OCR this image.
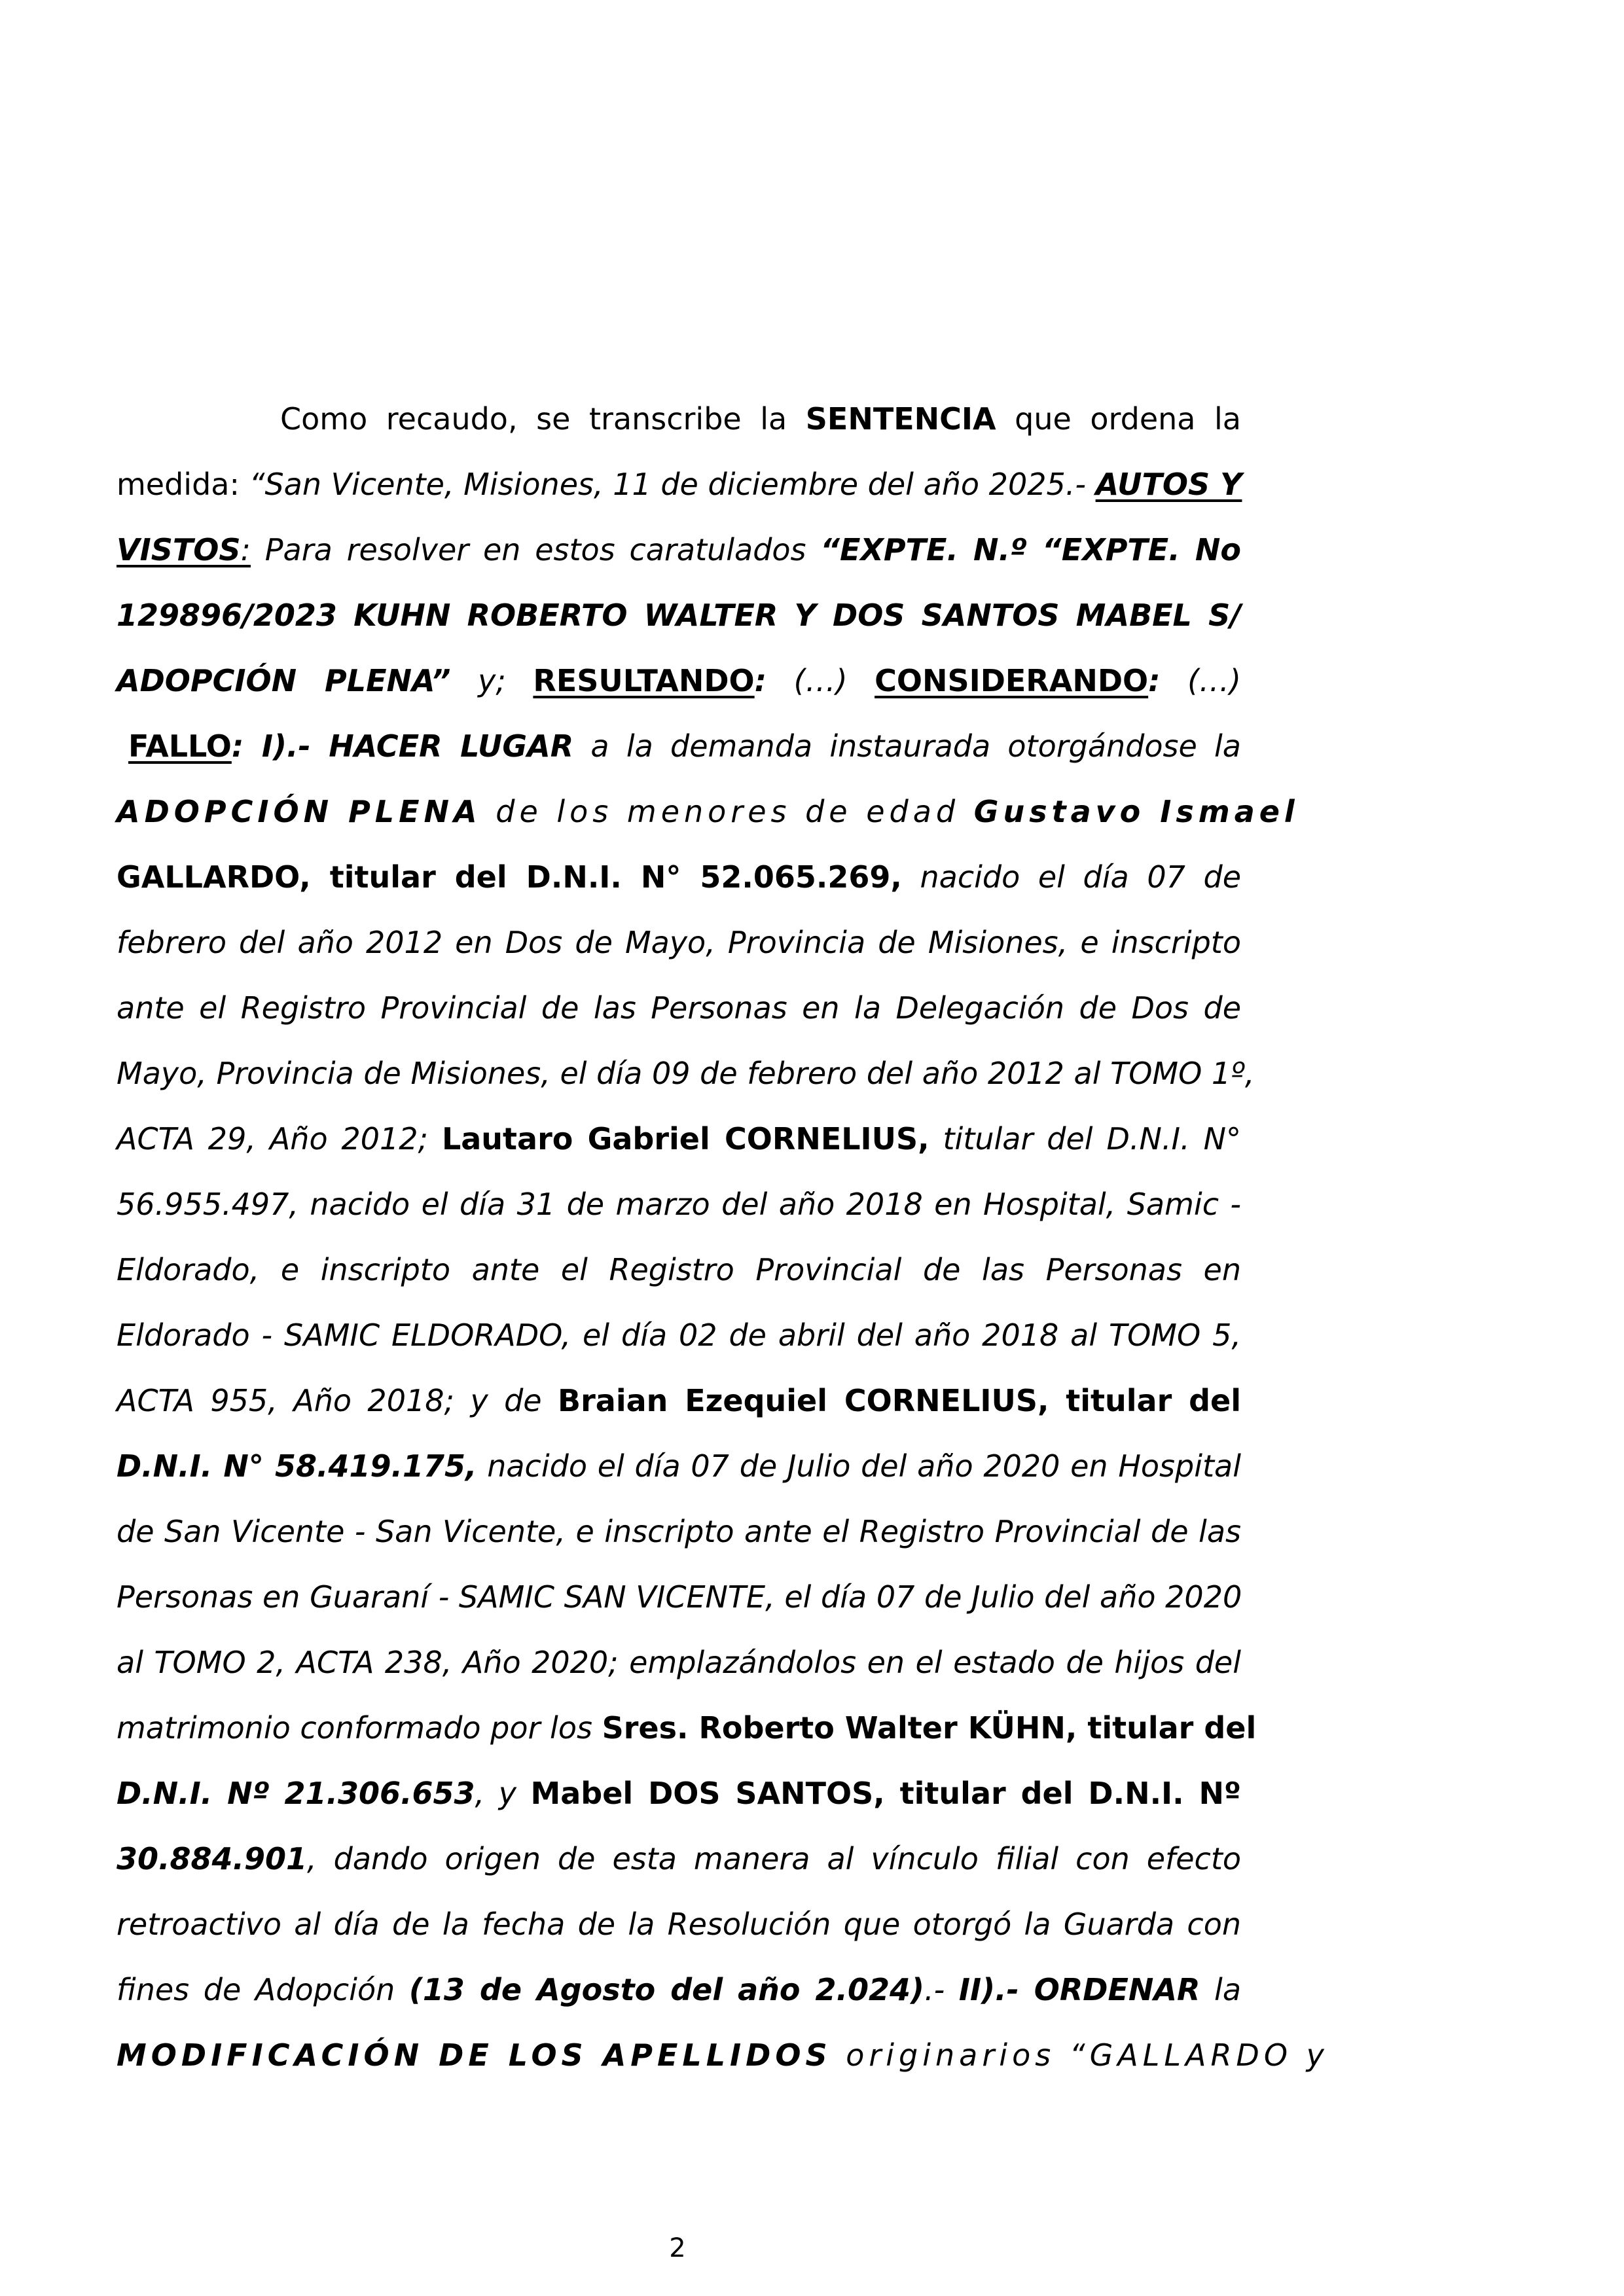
Como recaudo, se transcribe la SENTENCIA que ordena la
medida: “San Vicente, Misiones, 11 de diciembre del año 2025.- AUTOS Y
VISTOS: Para resolver en estos caratulados “EXPTE. N.º “EXPTE. No
129896/2023 KUHN ROBERTO WALTER Y DOS SANTOS MABEL S/
ADOPCIÓN PLENA” y; RESULTANDO: (…) CONSIDERANDO: (…)
FALLO: I).- HACER LUGAR a la demanda instaurada otorgándose la
ADOPCIÓN PLENA de los menores de edad Gustavo Ismael
GALLARDO, titular del D.N.I. N° 52.065.269, nacido el día 07 de
febrero del año 2012 en Dos de Mayo, Provincia de Misiones, e inscripto
ante el Registro Provincial de las Personas en la Delegación de Dos de
Mayo, Provincia de Misiones, el día 09 de febrero del año 2012 al TOMO 1º,
ACTA 29, Año 2012; Lautaro Gabriel CORNELIUS, titular del D.N.I. N°
56.955.497, nacido el día 31 de marzo del año 2018 en Hospital, Samic -
Eldorado, e inscripto ante el Registro Provincial de las Personas en
Eldorado - SAMIC ELDORADO, el día 02 de abril del año 2018 al TOMO 5,
ACTA 955, Año 2018; y de Braian Ezequiel CORNELIUS, titular del
D.N.I. N° 58.419.175, nacido el día 07 de Julio del año 2020 en Hospital
de San Vicente - San Vicente, e inscripto ante el Registro Provincial de las
Personas en Guaraní - SAMIC SAN VICENTE, el día 07 de Julio del año 2020
al TOMO 2, ACTA 238, Año 2020; emplazándolos en el estado de hijos del
matrimonio conformado por los Sres. Roberto Walter KÜHN, titular del
D.N.I. Nº 21.306.653, y Mabel DOS SANTOS, titular del D.N.I. Nº
30.884.901, dando origen de esta manera al vínculo filial con efecto
retroactivo al día de la fecha de la Resolución que otorgó la Guarda con
fines de Adopción (13 de Agosto del año 2.024).- II).- ORDENAR la
MODIFICACIÓN DE LOS APELLIDOS originarios “GALLARDO y
2
